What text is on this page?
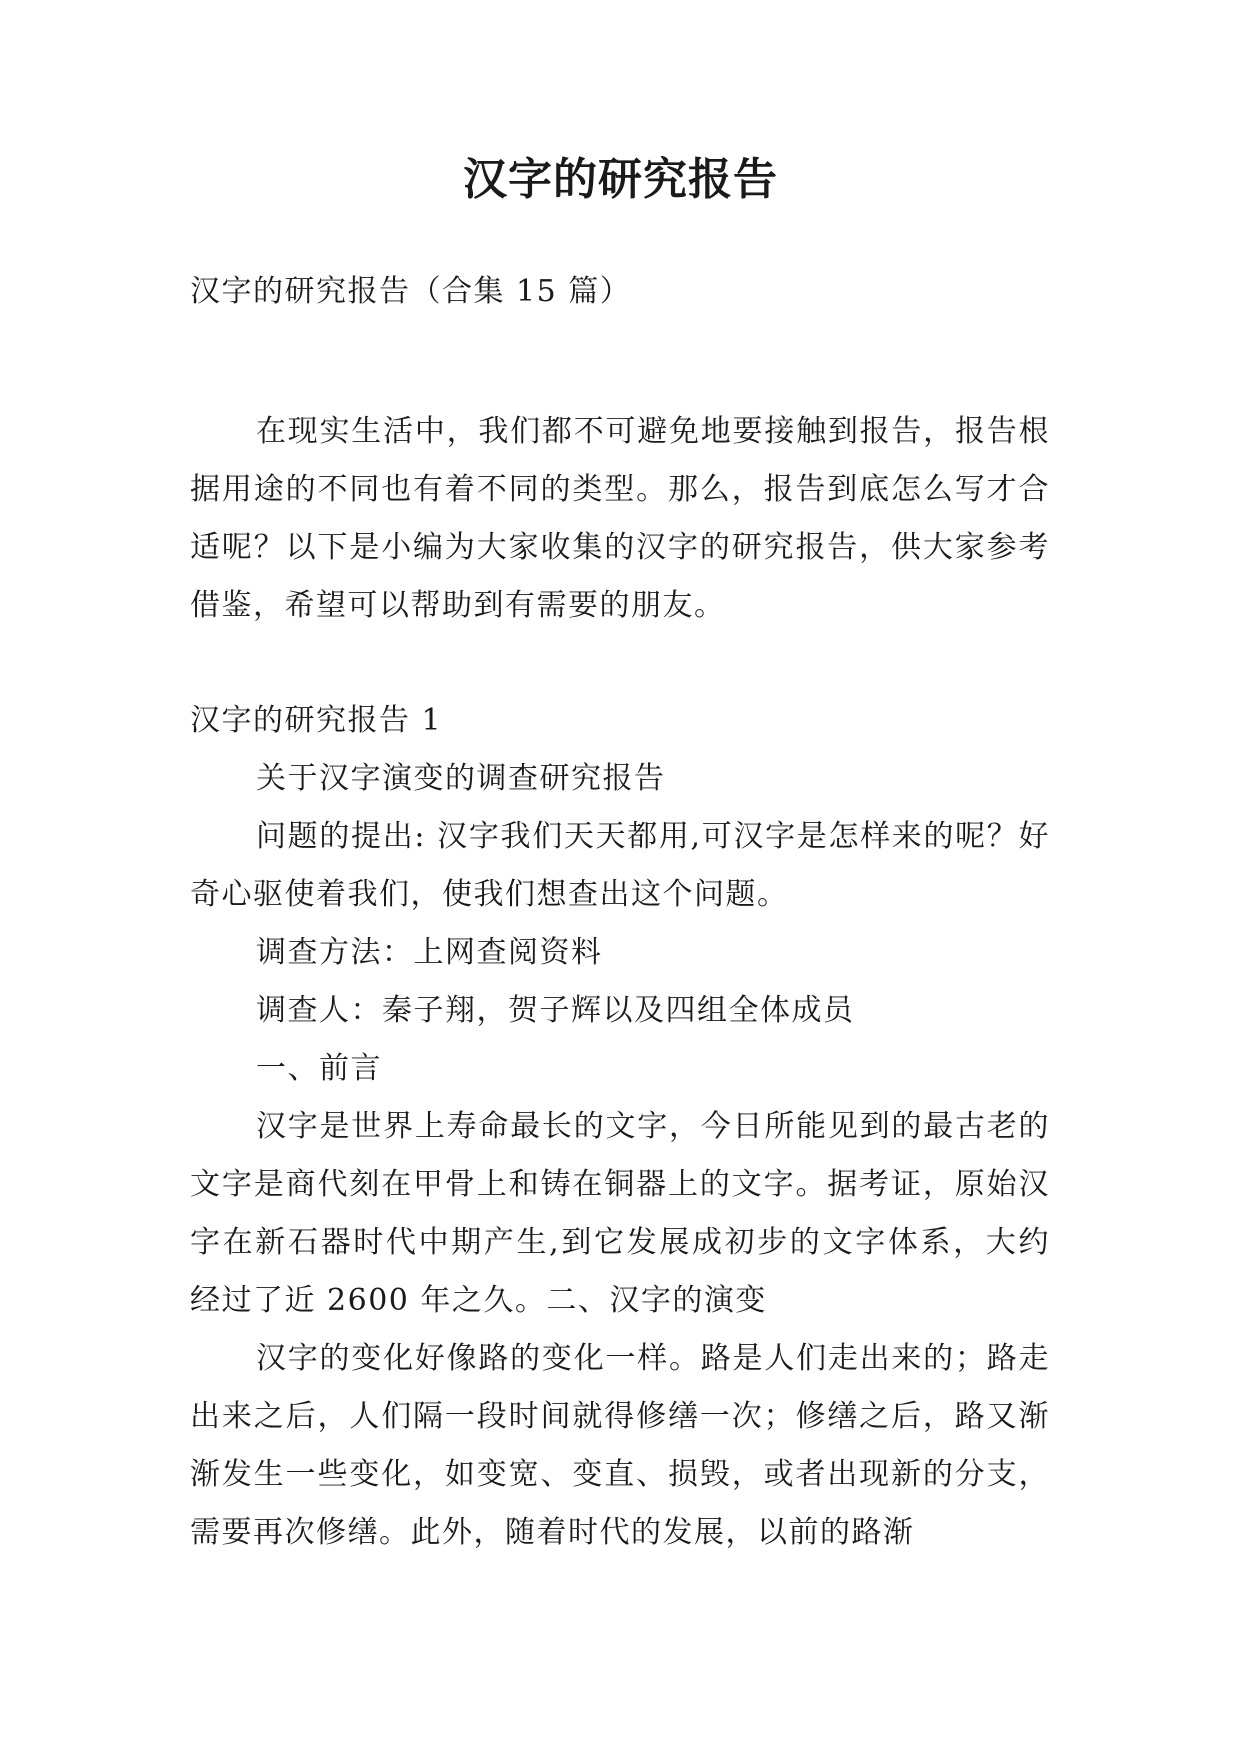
汉字的研究报告

汉字的研究报告（合集 15 篇）

在现实生活中，我们都不可避免地要接触到报告，报告根据用途的不同也有着不同的类型。那么，报告到底怎么写才合适呢？以下是小编为大家收集的汉字的研究报告，供大家参考借鉴，希望可以帮助到有需要的朋友。

汉字的研究报告 1

关于汉字演变的调查研究报告

问题的提出: 汉字我们天天都用,可汉字是怎样来的呢？好奇心驱使着我们，使我们想查出这个问题。

调查方法：上网查阅资料

调查人：秦子翔，贺子辉以及四组全体成员

一、前言

汉字是世界上寿命最长的文字，今日所能见到的最古老的文字是商代刻在甲骨上和铸在铜器上的文字。据考证，原始汉字在新石器时代中期产生,到它发展成初步的文字体系，大约经过了近 2600 年之久。二、汉字的演变

汉字的变化好像路的变化一样。路是人们走出来的；路走出来之后，人们隔一段时间就得修缮一次；修缮之后，路又渐渐发生一些变化，如变宽、变直、损毁，或者出现新的分支，需要再次修缮。此外，随着时代的发展，以前的路渐
